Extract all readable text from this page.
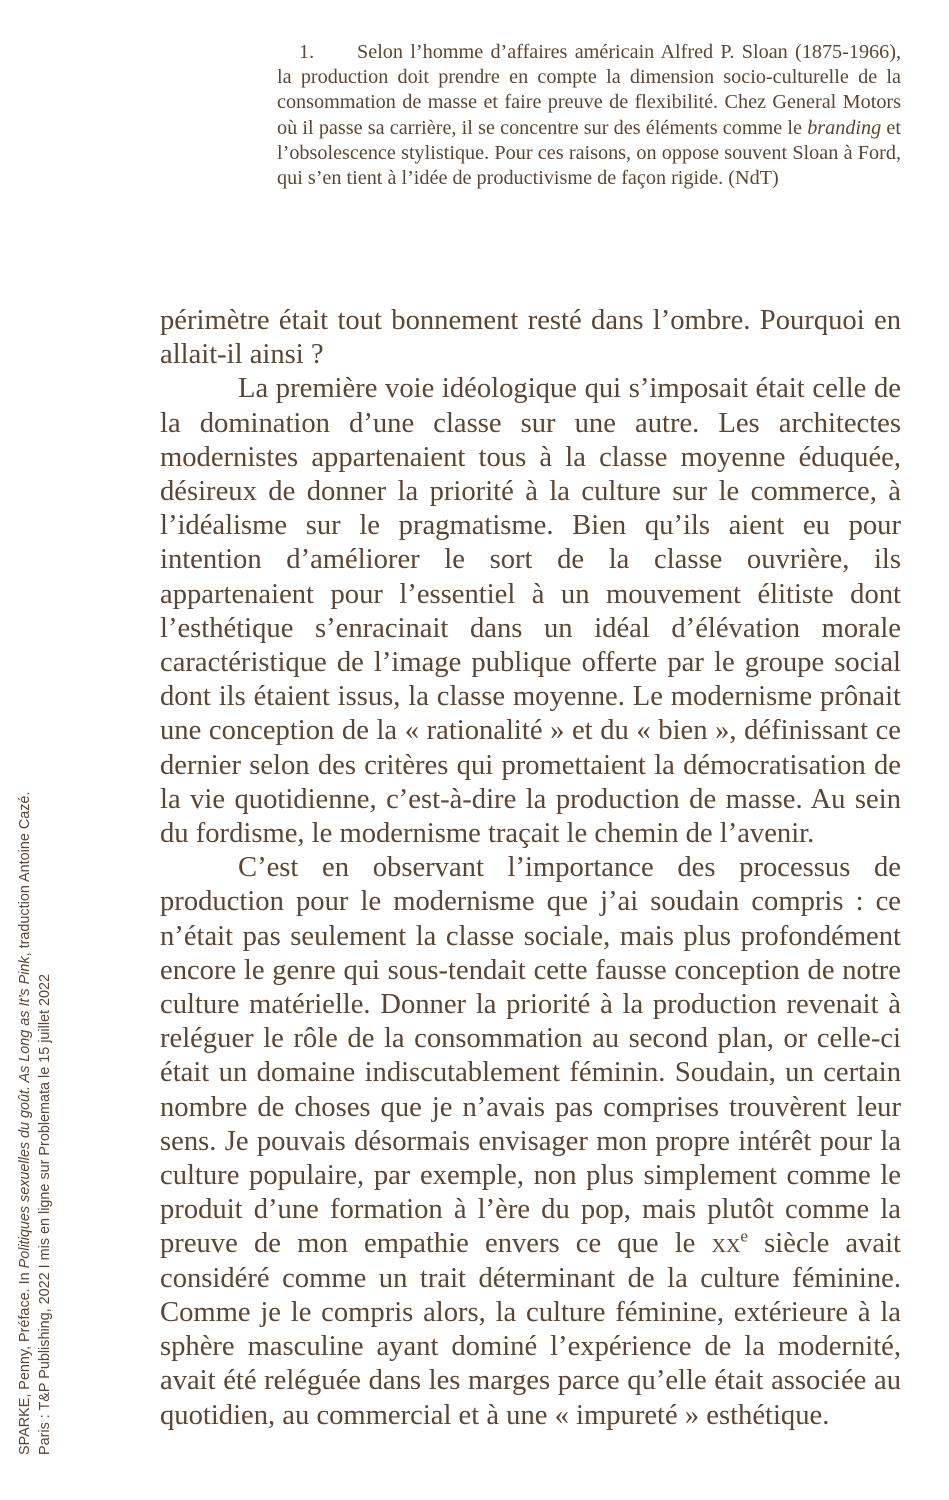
1. Selon l’homme d’affaires américain Alfred P. Sloan (1875-1966), la production doit prendre en compte la dimension socio-culturelle de la consommation de masse et faire preuve de flexibilité. Chez General Motors où il passe sa carrière, il se concentre sur des éléments comme le branding et l’obsolescence stylistique. Pour ces raisons, on oppose souvent Sloan à Ford, qui s’en tient à l’idée de productivisme de façon rigide. (NdT)

périmètre était tout bonnement resté dans l’ombre. Pourquoi en allait-il ainsi ?

La première voie idéologique qui s’imposait était celle de la domination d’une classe sur une autre. Les architectes modernistes appartenaient tous à la classe moyenne éduquée, désireux de donner la priorité à la culture sur le commerce, à l’idéalisme sur le pragmatisme. Bien qu’ils aient eu pour intention d’améliorer le sort de la classe ouvrière, ils appartenaient pour l’essentiel à un mouvement élitiste dont l’esthétique s’enracinait dans un idéal d’élévation morale caractéristique de l’image publique offerte par le groupe social dont ils étaient issus, la classe moyenne. Le modernisme prônait une conception de la « rationalité » et du « bien », définissant ce dernier selon des critères qui promettaient la démocratisation de la vie quotidienne, c’est-à-dire la production de masse. Au sein du fordisme, le modernisme traçait le chemin de l’avenir.

C’est en observant l’importance des processus de production pour le modernisme que j’ai soudain compris : ce n’était pas seulement la classe sociale, mais plus profondément encore le genre qui sous-tendait cette fausse conception de notre culture matérielle. Donner la priorité à la production revenait à reléguer le rôle de la consommation au second plan, or celle-ci était un domaine indiscutablement féminin. Soudain, un certain nombre de choses que je n’avais pas comprises trouvèrent leur sens. Je pouvais désormais envisager mon propre intérêt pour la culture populaire, par exemple, non plus simplement comme le produit d’une formation à l’ère du pop, mais plutôt comme la preuve de mon empathie envers ce que le $xx^e$ siècle avait considéré comme un trait déterminant de la culture féminine. Comme je le compris alors, la culture féminine, extérieure à la sphère masculine ayant dominé l’expérience de la modernité, avait été reléguée dans les marges parce qu’elle était associée au quotidien, au commercial et à une « impureté » esthétique.

SPARKE, Penny, Préface. In Politiques sexuelles du goût. As Long as It’s Pink, traduction Antoine Cazé.
Paris : T&P Publishing, 2022 I mis en ligne sur Problemata le 15 juillet 2022
